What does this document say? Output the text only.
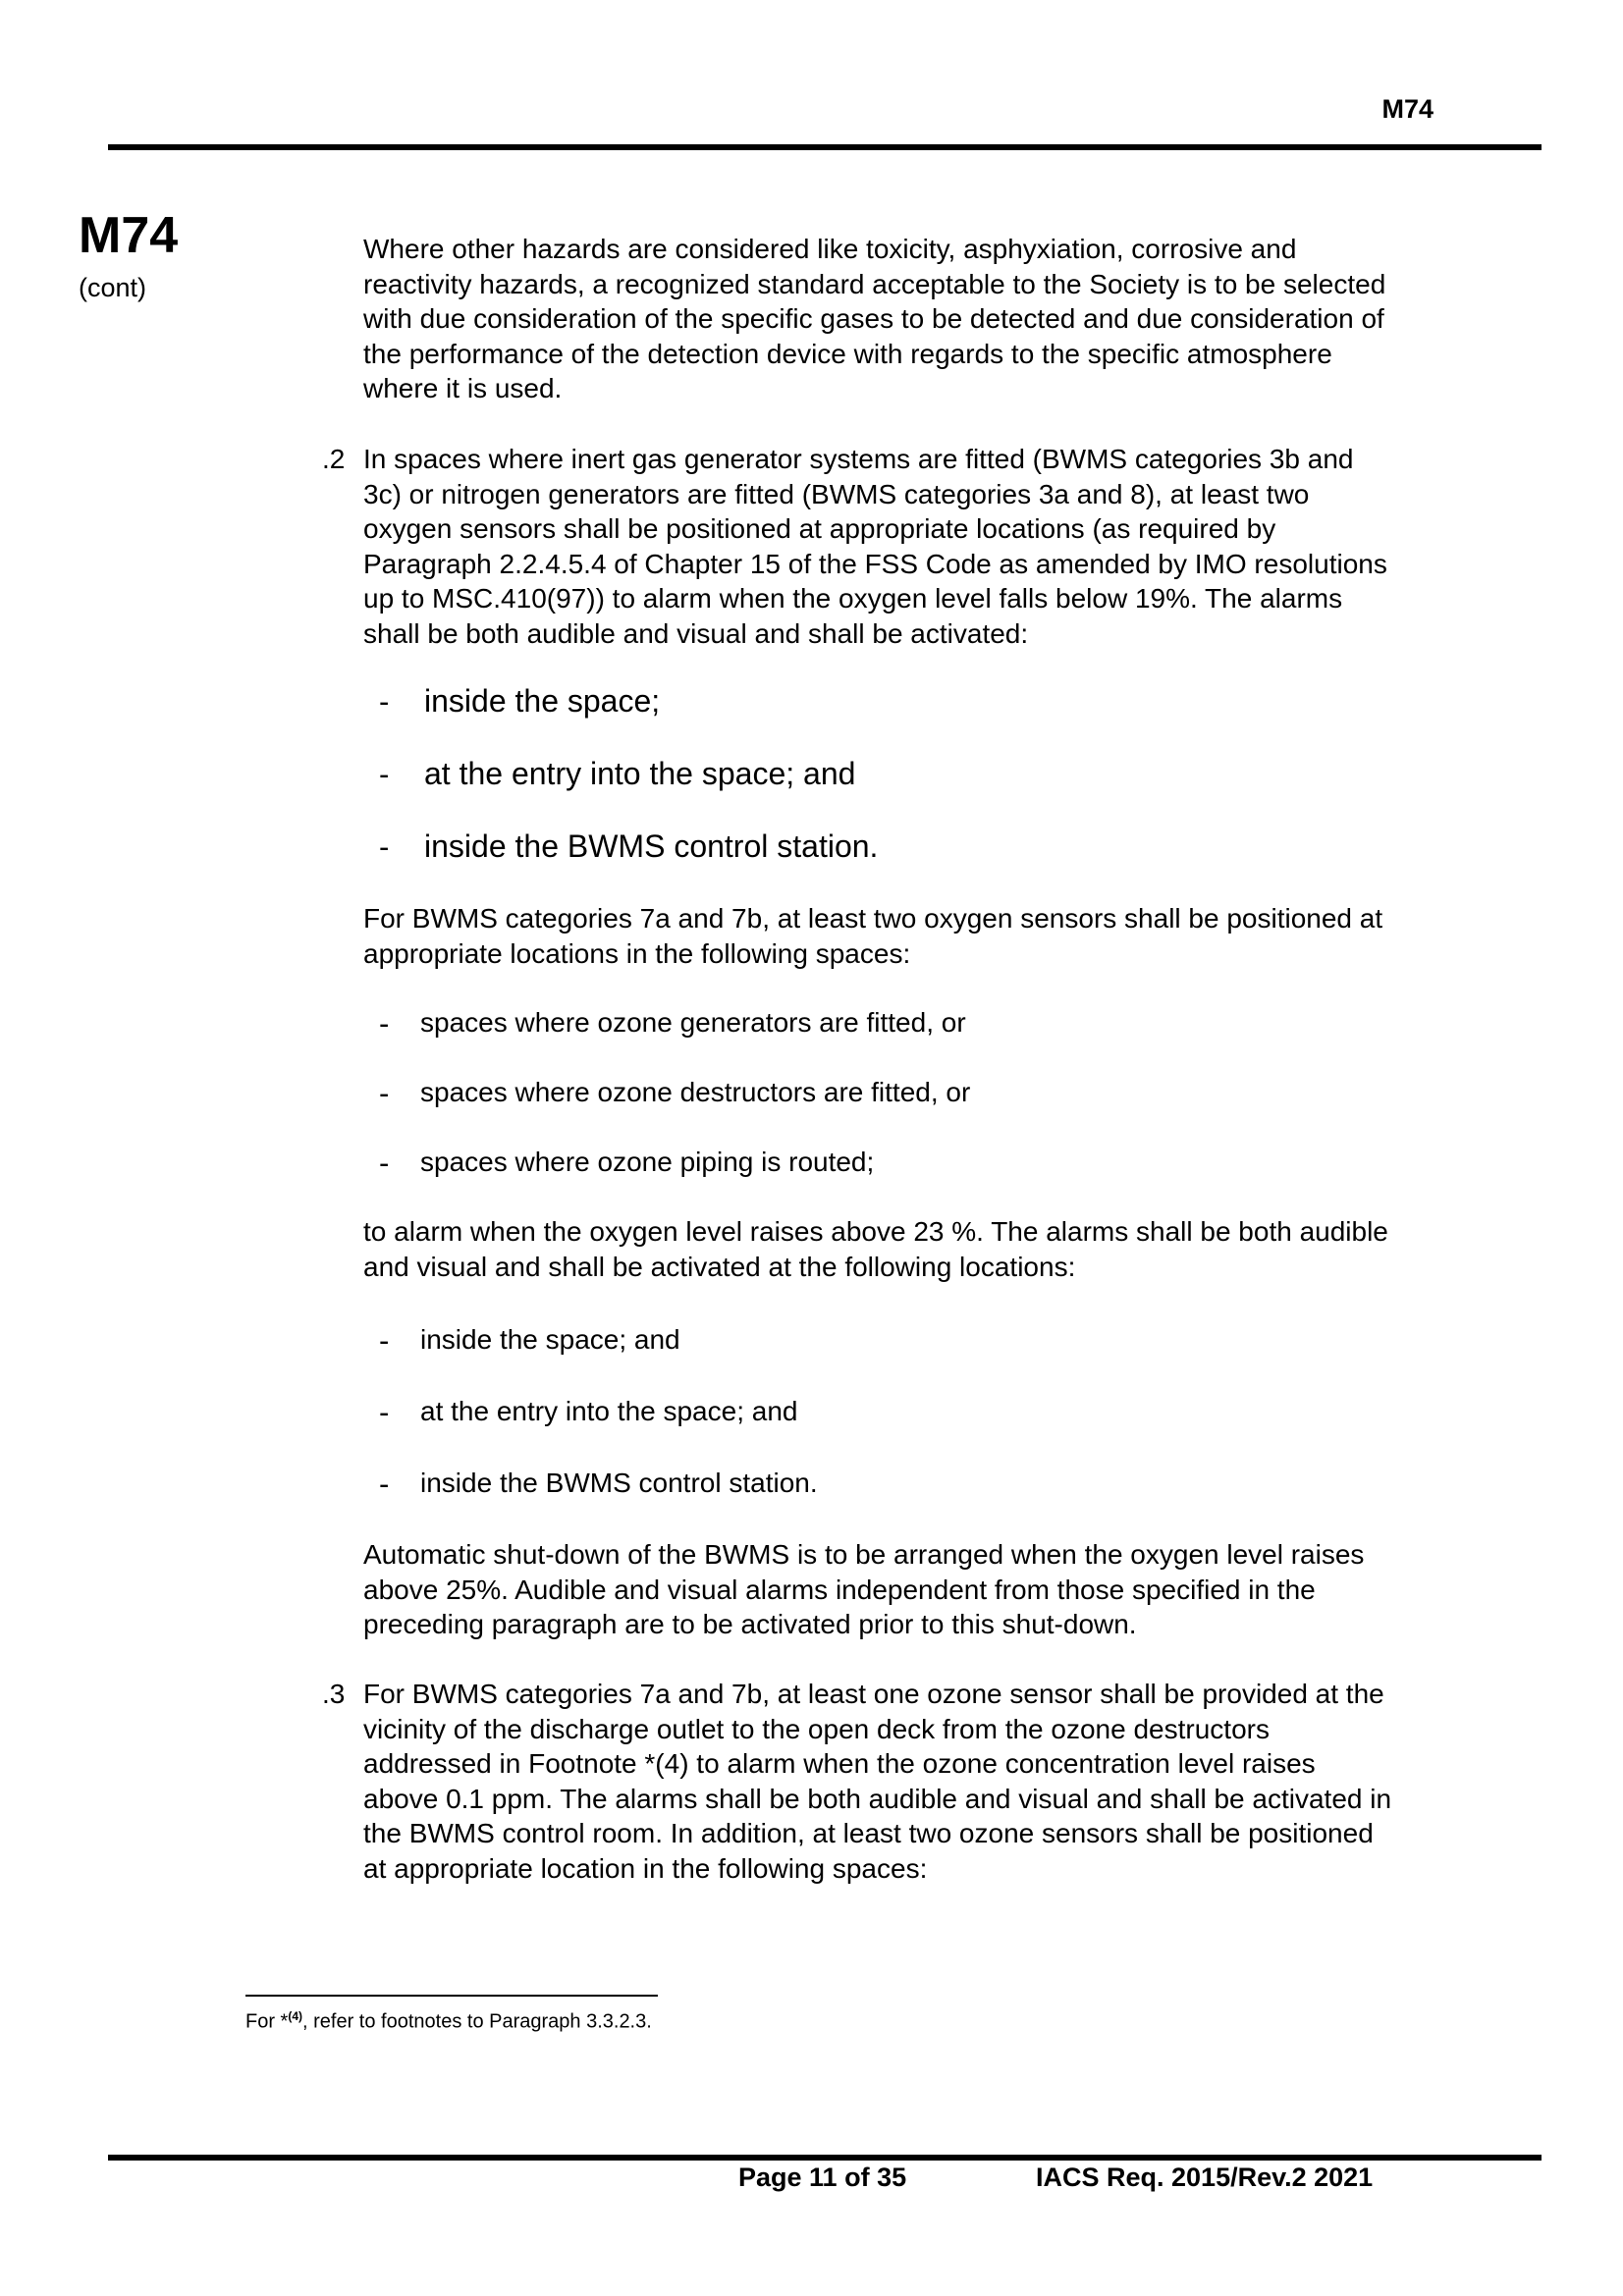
M74
M74
(cont)
Where other hazards are considered like toxicity, asphyxiation, corrosive and
reactivity hazards, a recognized standard acceptable to the Society is to be selected
with due consideration of the specific gases to be detected and due consideration of
the performance of the detection device with regards to the specific atmosphere
where it is used.
.2 In spaces where inert gas generator systems are fitted (BWMS categories 3b and
3c) or nitrogen generators are fitted (BWMS categories 3a and 8), at least two
oxygen sensors shall be positioned at appropriate locations (as required by
Paragraph 2.2.4.5.4 of Chapter 15 of the FSS Code as amended by IMO resolutions
up to MSC.410(97)) to alarm when the oxygen level falls below 19%. The alarms
shall be both audible and visual and shall be activated:
- inside the space;
- at the entry into the space; and
- inside the BWMS control station.
For BWMS categories 7a and 7b, at least two oxygen sensors shall be positioned at
appropriate locations in the following spaces:
- spaces where ozone generators are fitted, or
- spaces where ozone destructors are fitted, or
- spaces where ozone piping is routed;
to alarm when the oxygen level raises above 23 %. The alarms shall be both audible
and visual and shall be activated at the following locations:
- inside the space; and
- at the entry into the space; and
- inside the BWMS control station.
Automatic shut-down of the BWMS is to be arranged when the oxygen level raises
above 25%. Audible and visual alarms independent from those specified in the
preceding paragraph are to be activated prior to this shut-down.
.3 For BWMS categories 7a and 7b, at least one ozone sensor shall be provided at the
vicinity of the discharge outlet to the open deck from the ozone destructors
addressed in Footnote *(4) to alarm when the ozone concentration level raises
above 0.1 ppm. The alarms shall be both audible and visual and shall be activated in
the BWMS control room. In addition, at least two ozone sensors shall be positioned
at appropriate location in the following spaces:
For *$^{(4)}$, refer to footnotes to Paragraph 3.3.2.3.
Page 11 of 35	IACS Req. 2015/Rev.2 2021
